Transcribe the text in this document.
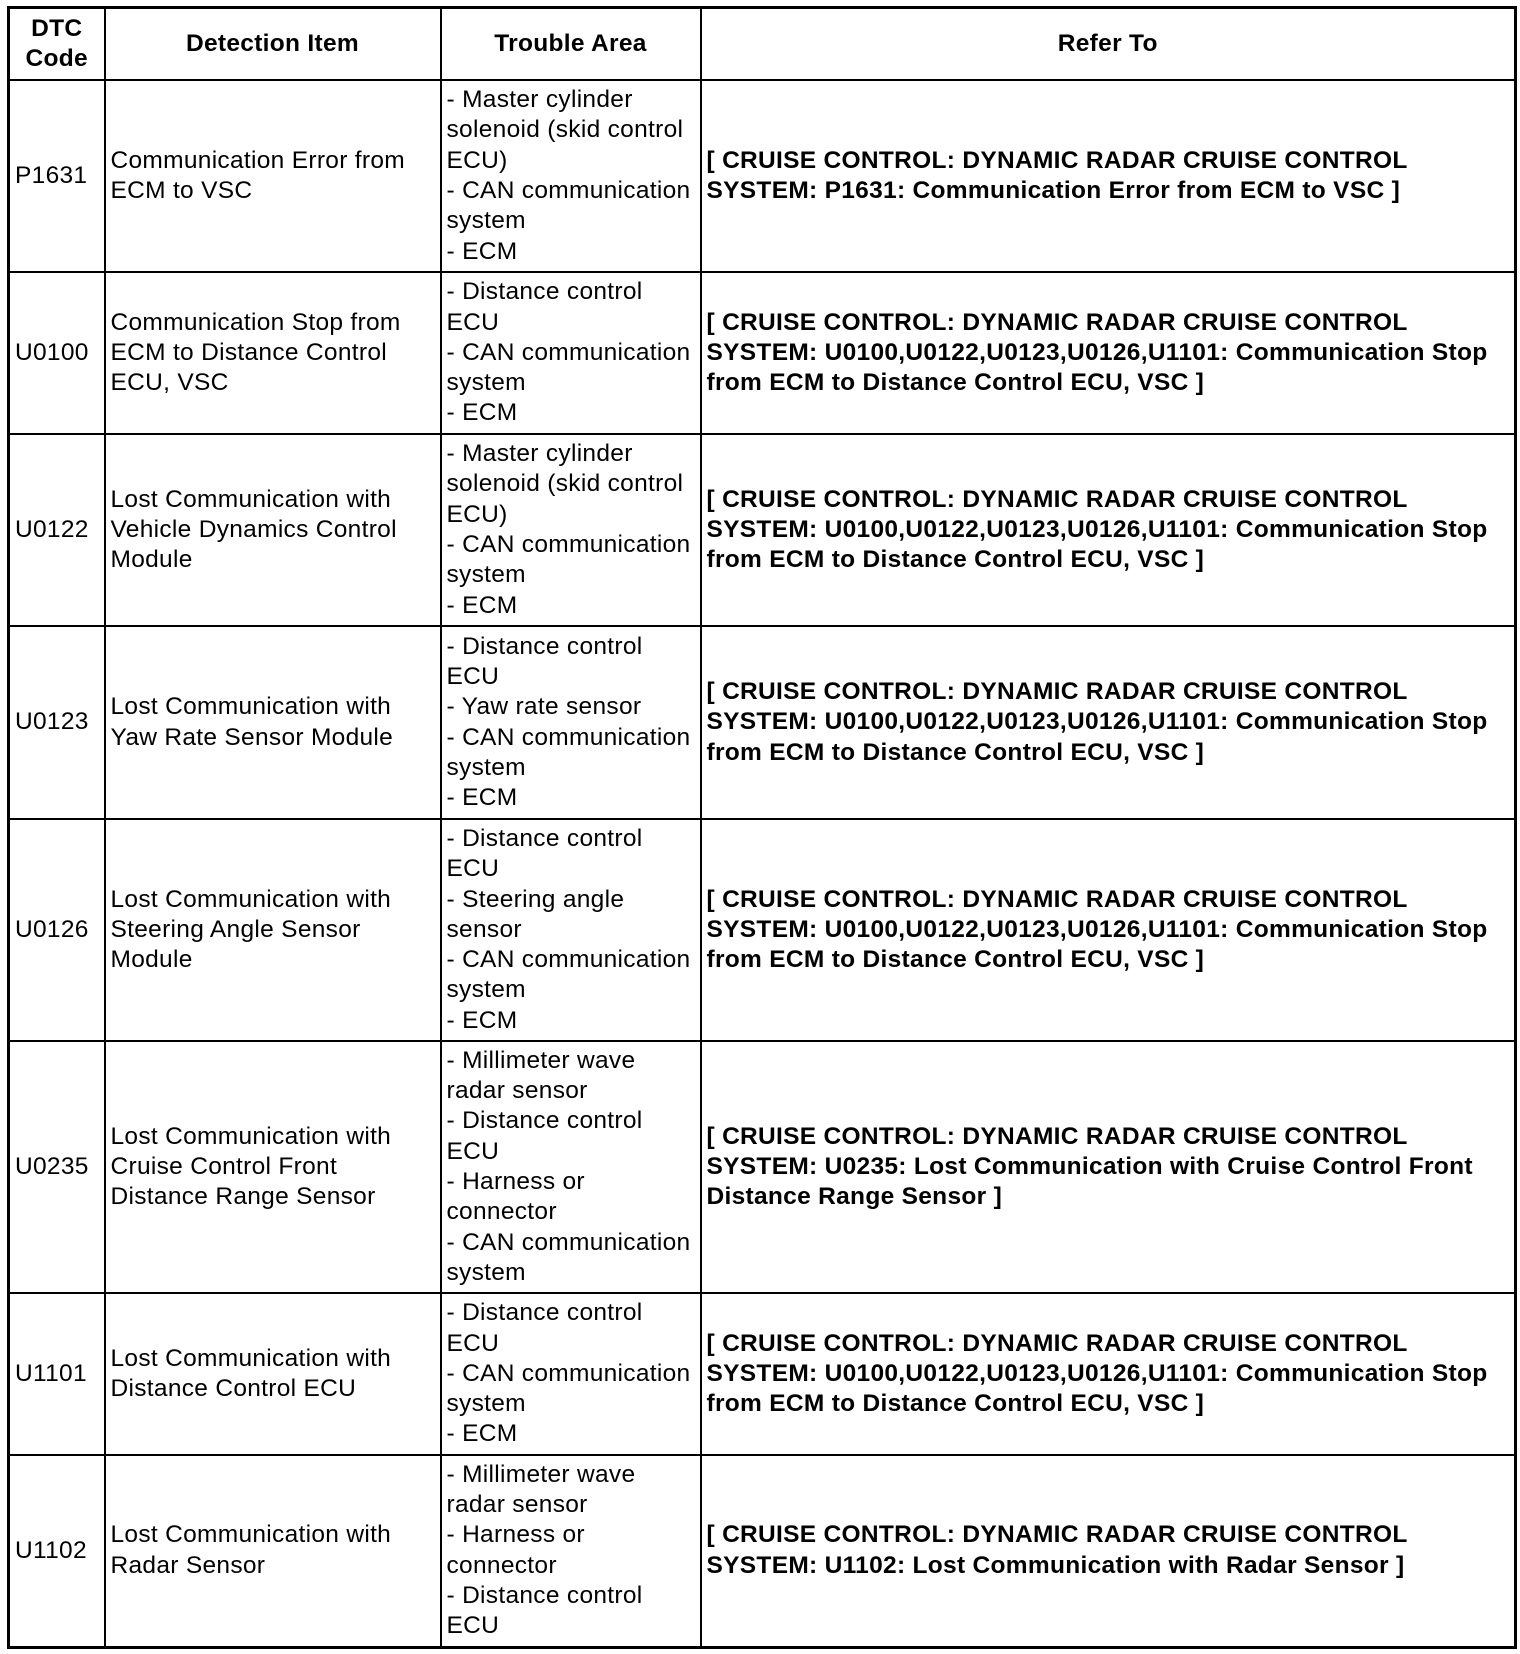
DTC Code	Detection Item	Trouble Area	Refer To
P1631	Communication Error from ECM to VSC	- Master cylinder solenoid (skid control ECU)
- CAN communication system
- ECM	[ CRUISE CONTROL: DYNAMIC RADAR CRUISE CONTROL SYSTEM: P1631: Communication Error from ECM to VSC ]
U0100	Communication Stop from ECM to Distance Control ECU, VSC	- Distance control ECU
- CAN communication system
- ECM	[ CRUISE CONTROL: DYNAMIC RADAR CRUISE CONTROL SYSTEM: U0100,U0122,U0123,U0126,U1101: Communication Stop from ECM to Distance Control ECU, VSC ]
U0122	Lost Communication with Vehicle Dynamics Control Module	- Master cylinder solenoid (skid control ECU)
- CAN communication system
- ECM	[ CRUISE CONTROL: DYNAMIC RADAR CRUISE CONTROL SYSTEM: U0100,U0122,U0123,U0126,U1101: Communication Stop from ECM to Distance Control ECU, VSC ]
U0123	Lost Communication with Yaw Rate Sensor Module	- Distance control ECU
- Yaw rate sensor
- CAN communication system
- ECM	[ CRUISE CONTROL: DYNAMIC RADAR CRUISE CONTROL SYSTEM: U0100,U0122,U0123,U0126,U1101: Communication Stop from ECM to Distance Control ECU, VSC ]
U0126	Lost Communication with Steering Angle Sensor Module	- Distance control ECU
- Steering angle sensor
- CAN communication system
- ECM	[ CRUISE CONTROL: DYNAMIC RADAR CRUISE CONTROL SYSTEM: U0100,U0122,U0123,U0126,U1101: Communication Stop from ECM to Distance Control ECU, VSC ]
U0235	Lost Communication with Cruise Control Front Distance Range Sensor	- Millimeter wave radar sensor
- Distance control ECU
- Harness or connector
- CAN communication system	[ CRUISE CONTROL: DYNAMIC RADAR CRUISE CONTROL SYSTEM: U0235: Lost Communication with Cruise Control Front Distance Range Sensor ]
U1101	Lost Communication with Distance Control ECU	- Distance control ECU
- CAN communication system
- ECM	[ CRUISE CONTROL: DYNAMIC RADAR CRUISE CONTROL SYSTEM: U0100,U0122,U0123,U0126,U1101: Communication Stop from ECM to Distance Control ECU, VSC ]
U1102	Lost Communication with Radar Sensor	- Millimeter wave radar sensor
- Harness or connector
- Distance control ECU	[ CRUISE CONTROL: DYNAMIC RADAR CRUISE CONTROL SYSTEM: U1102: Lost Communication with Radar Sensor ]
